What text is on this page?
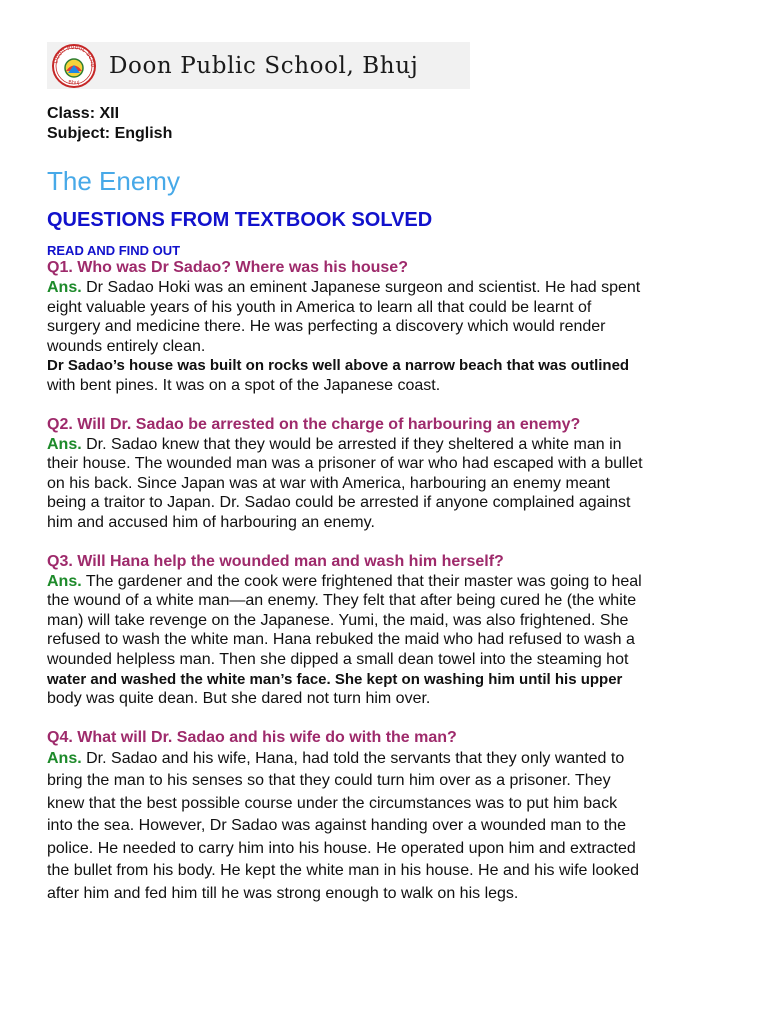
Doon Public Scho
Bhuj
Doon Public School, Bhuj
Class: XII
Subject: English
The Enemy
QUESTIONS FROM TEXTBOOK SOLVED
READ AND FIND OUT
Q1. Who was Dr Sadao? Where was his house?
Ans. Dr Sadao Hoki was an eminent Japanese surgeon and scientist. He had spent
eight valuable years of his youth in America to learn all that could be learnt of
surgery and medicine there. He was perfecting a discovery which would render
wounds entirely clean.
Dr Sadao’s house was built on rocks well above a narrow beach that was outlined
with bent pines. It was on a spot of the Japanese coast.
Q2. Will Dr. Sadao be arrested on the charge of harbouring an enemy?
Ans. Dr. Sadao knew that they would be arrested if they sheltered a white man in
their house. The wounded man was a prisoner of war who had escaped with a bullet
on his back. Since Japan was at war with America, harbouring an enemy meant
being a traitor to Japan. Dr. Sadao could be arrested if anyone complained against
him and accused him of harbouring an enemy.
Q3. Will Hana help the wounded man and wash him herself?
Ans. The gardener and the cook were frightened that their master was going to heal
the wound of a white man—an enemy. They felt that after being cured he (the white
man) will take revenge on the Japanese. Yumi, the maid, was also frightened. She
refused to wash the white man. Hana rebuked the maid who had refused to wash a
wounded helpless man. Then she dipped a small dean towel into the steaming hot
water and washed the white man’s face. She kept on washing him until his upper
body was quite dean. But she dared not turn him over.
Q4. What will Dr. Sadao and his wife do with the man?
Ans. Dr. Sadao and his wife, Hana, had told the servants that they only wanted to
bring the man to his senses so that they could turn him over as a prisoner. They
knew that the best possible course under the circumstances was to put him back
into the sea. However, Dr Sadao was against handing over a wounded man to the
police. He needed to carry him into his house. He operated upon him and extracted
the bullet from his body. He kept the white man in his house. He and his wife looked
after him and fed him till he was strong enough to walk on his legs.
